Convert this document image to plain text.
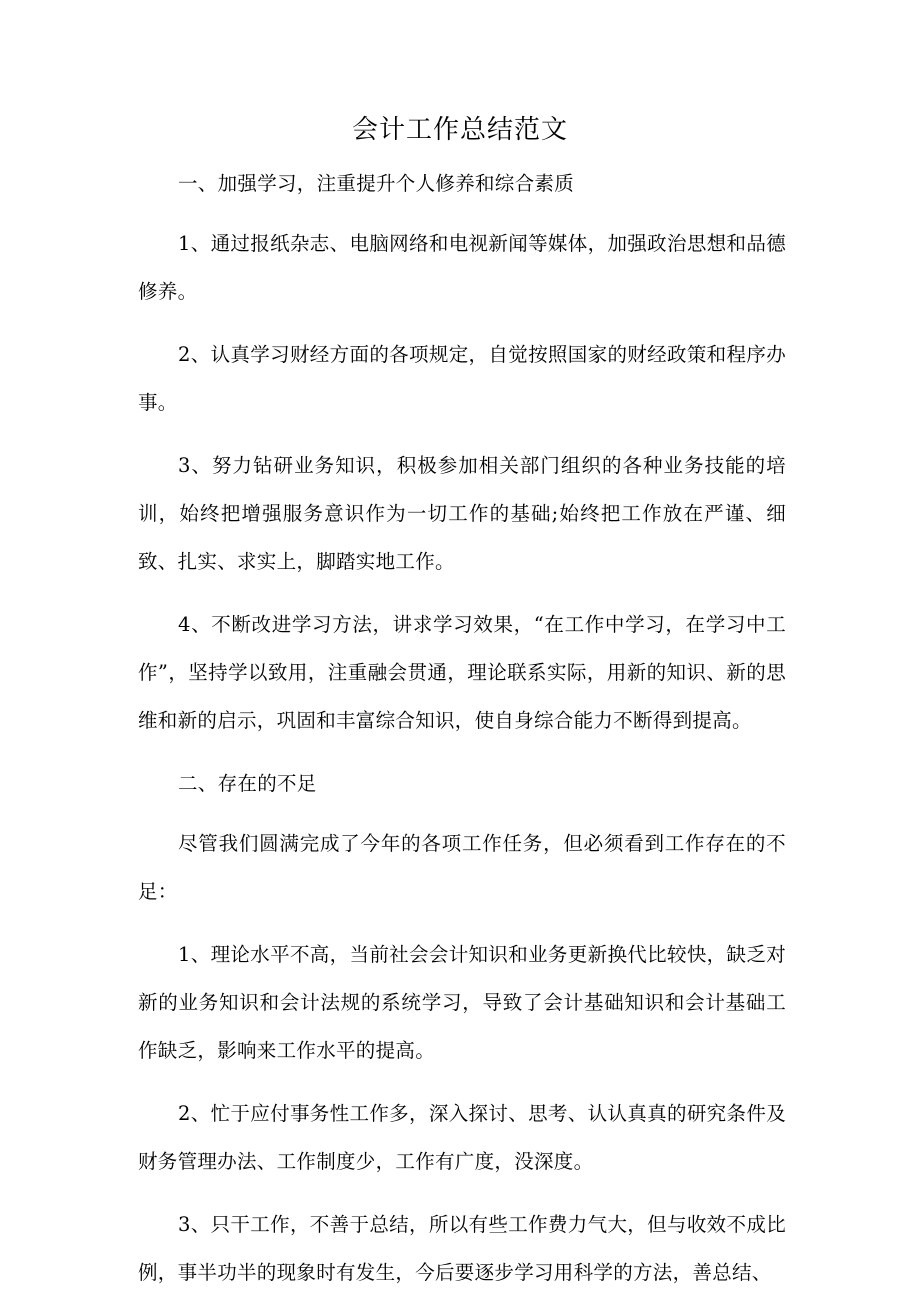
会计工作总结范文

一、加强学习，注重提升个人修养和综合素质

1、通过报纸杂志、电脑网络和电视新闻等媒体，加强政治思想和品德修养。

2、认真学习财经方面的各项规定，自觉按照国家的财经政策和程序办事。

3、努力钻研业务知识，积极参加相关部门组织的各种业务技能的培训，始终把增强服务意识作为一切工作的基础;始终把工作放在严谨、细致、扎实、求实上，脚踏实地工作。

4、不断改进学习方法，讲求学习效果，“在工作中学习，在学习中工作”，坚持学以致用，注重融会贯通，理论联系实际，用新的知识、新的思维和新的启示，巩固和丰富综合知识，使自身综合能力不断得到提高。

二、存在的不足

尽管我们圆满完成了今年的各项工作任务，但必须看到工作存在的不足：

1、理论水平不高，当前社会会计知识和业务更新换代比较快，缺乏对新的业务知识和会计法规的系统学习，导致了会计基础知识和会计基础工作缺乏，影响来工作水平的提高。

2、忙于应付事务性工作多，深入探讨、思考、认认真真的研究条件及财务管理办法、工作制度少，工作有广度，没深度。

3、只干工作，不善于总结，所以有些工作费力气大，但与收效不成比例，事半功半的现象时有发生，今后要逐步学习用科学的方法，善总结、
